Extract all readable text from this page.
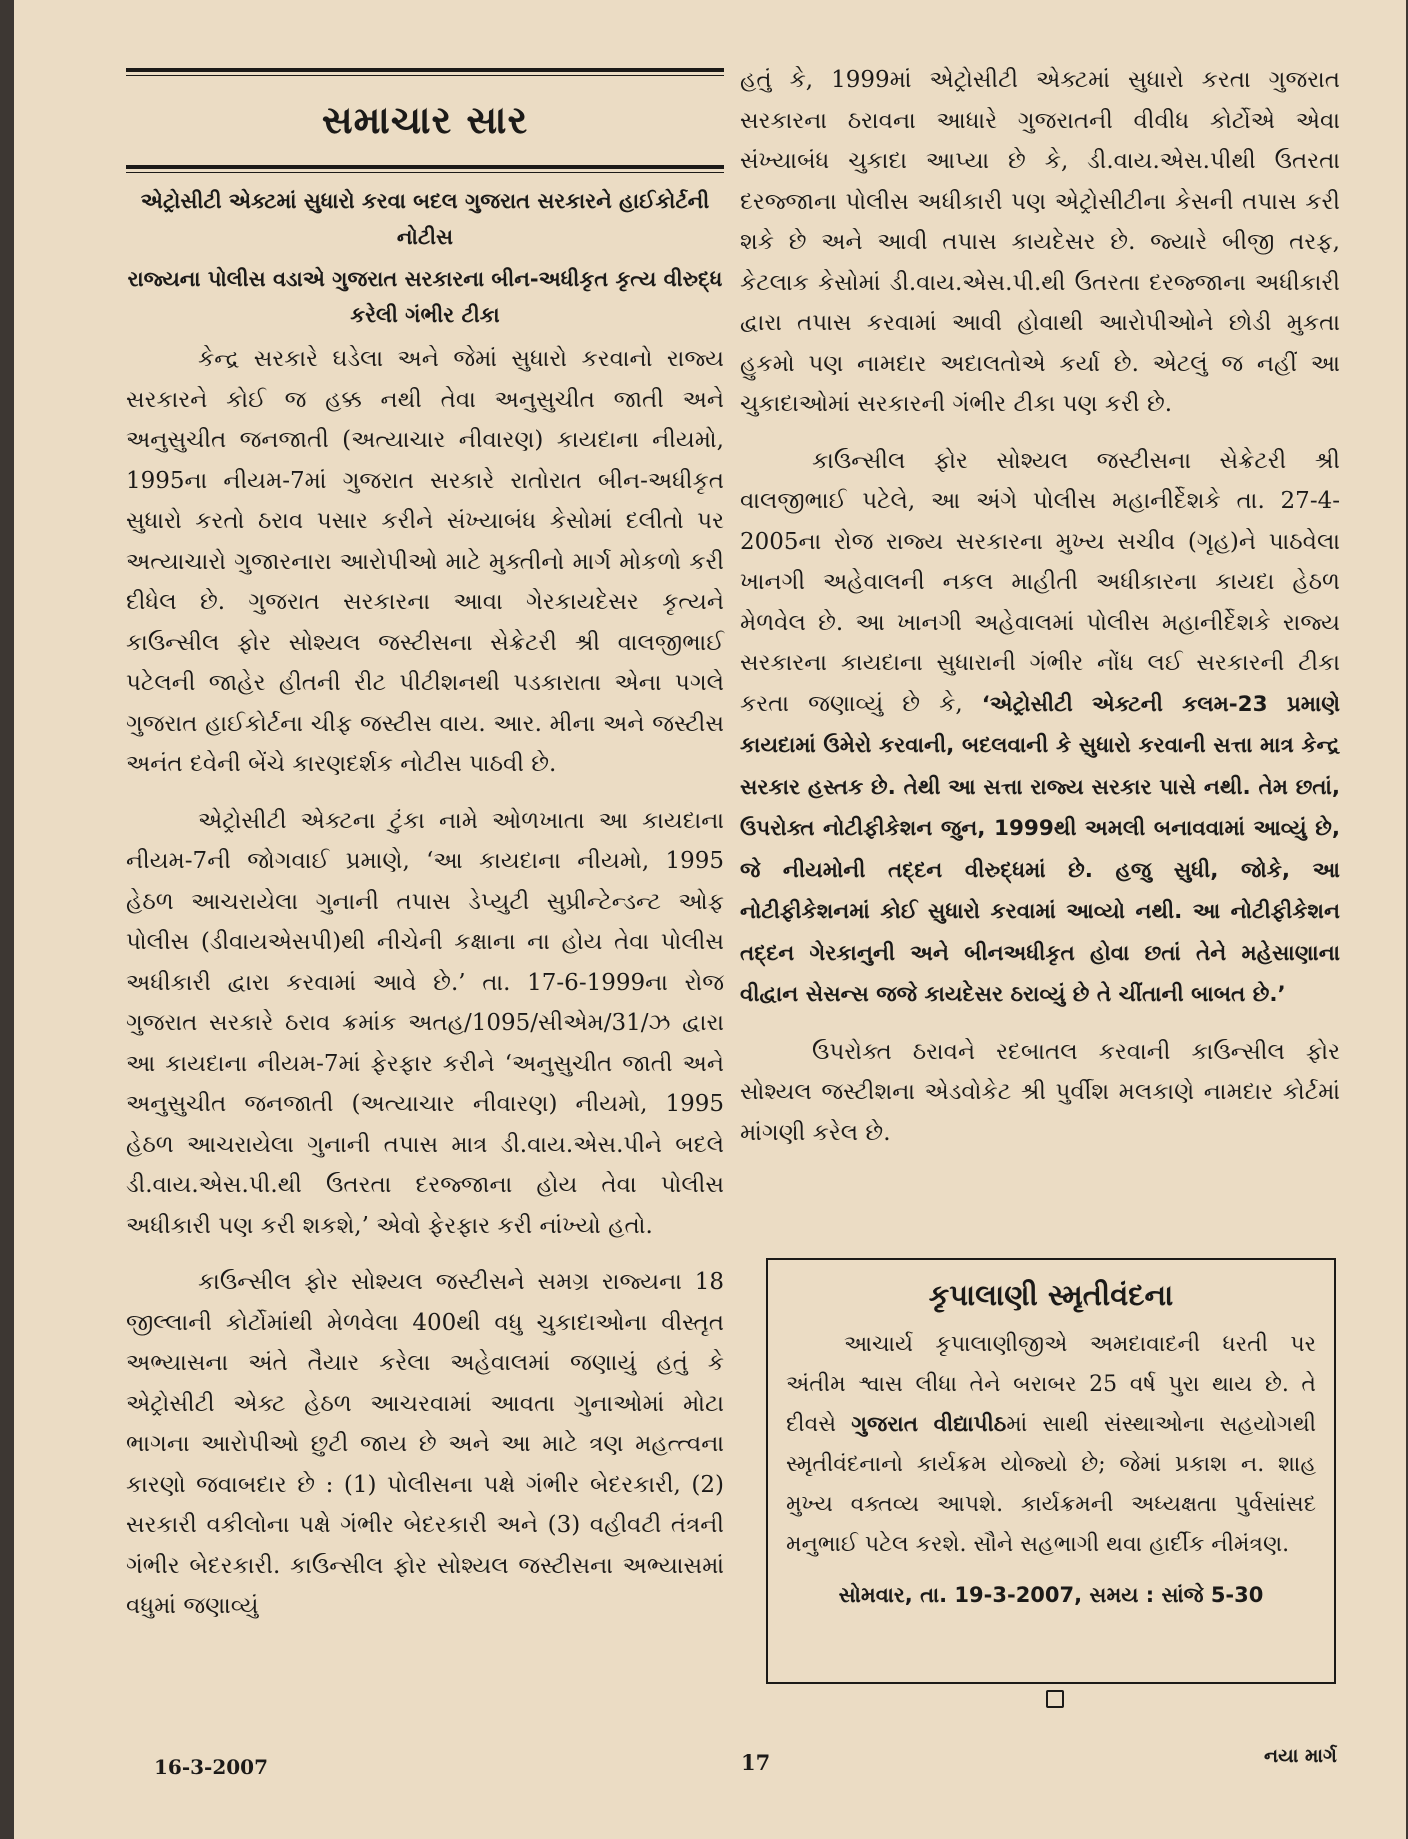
સમાચાર સાર

એટ્રોસીટી એક્ટમાં સુધારો કરવા બદલ ગુજરાત સરકારને હાઈકોર્ટની નોટીસ

રાજ્યના પોલીસ વડાએ ગુજરાત સરકારના બીન-અધીકૃત કૃત્ય વીરુદ્ધ કરેલી ગંભીર ટીકા

કેન્દ્ર સરકારે ઘડેલા અને જેમાં સુધારો કરવાનો રાજ્ય સરકારને કોઈ જ હક્ક નથી તેવા અનુસુચીત જાતી અને અનુસુચીત જનજાતી (અત્યાચાર નીવારણ) કાયદાના નીયમો, 1995ના નીયમ-7માં ગુજરાત સરકારે રાતોરાત બીન-અધીકૃત સુધારો કરતો ઠરાવ પસાર કરીને સંખ્યાબંધ કેસોમાં દલીતો પર અત્યાચારો ગુજારનારા આરોપીઓ માટે મુક્તીનો માર્ગ મોકળો કરી દીધેલ છે. ગુજરાત સરકારના આવા ગેરકાયદેસર કૃત્યને કાઉન્સીલ ફોર સોશ્યલ જસ્ટીસના સેક્રેટરી શ્રી વાલજીભાઈ પટેલની જાહેર હીતની રીટ પીટીશનથી પડકારાતા એના પગલે ગુજરાત હાઈકોર્ટના ચીફ જસ્ટીસ વાય. આર. મીના અને જસ્ટીસ અનંત દવેની બેંચે કારણદર્શક નોટીસ પાઠવી છે.

એટ્રોસીટી એક્ટના ટુંકા નામે ઓળખાતા આ કાયદાના નીયમ-7ની જોગવાઈ પ્રમાણે, ‘આ કાયદાના નીયમો, 1995 હેઠળ આચરાયેલા ગુનાની તપાસ ડેપ્યુટી સુપ્રીન્ટેન્ડન્ટ ઓફ પોલીસ (ડીવાયએસપી)થી નીચેની કક્ષાના ના હોય તેવા પોલીસ અધીકારી દ્વારા કરવામાં આવે છે.’ તા. 17-6-1999ના રોજ ગુજરાત સરકારે ઠરાવ ક્રમાંક અતહ/1095/સીએમ/31/ઝ દ્વારા આ કાયદાના નીયમ-7માં ફેરફાર કરીને ‘અનુસુચીત જાતી અને અનુસુચીત જનજાતી (અત્યાચાર નીવારણ) નીયમો, 1995 હેઠળ આચરાયેલા ગુનાની તપાસ માત્ર ડી.વાય.એસ.પીને બદલે ડી.વાય.એસ.પી.થી ઉતરતા દરજ્જાના હોય તેવા પોલીસ અધીકારી પણ કરી શકશે,’ એવો ફેરફાર કરી નાંખ્યો હતો.

કાઉન્સીલ ફોર સોશ્યલ જસ્ટીસને સમગ્ર રાજ્યના 18 જીલ્લાની કોર્ટોમાંથી મેળવેલા 400થી વધુ ચુકાદાઓના વીસ્તૃત અભ્યાસના અંતે તૈયાર કરેલા અહેવાલમાં જણાયું હતું કે એટ્રોસીટી એક્ટ હેઠળ આચરવામાં આવતા ગુનાઓમાં મોટા ભાગના આરોપીઓ છુટી જાય છે અને આ માટે ત્રણ મહત્ત્વના કારણો જવાબદાર છે : (1) પોલીસના પક્ષે ગંભીર બેદરકારી, (2) સરકારી વકીલોના પક્ષે ગંભીર બેદરકારી અને (3) વહીવટી તંત્રની ગંભીર બેદરકારી. કાઉન્સીલ ફોર સોશ્યલ જસ્ટીસના અભ્યાસમાં વધુમાં જણાવ્યું

હતું કે, 1999માં એટ્રોસીટી એક્ટમાં સુધારો કરતા ગુજરાત સરકારના ઠરાવના આધારે ગુજરાતની વીવીધ કોર્ટોએ એવા સંખ્યાબંધ ચુકાદા આપ્યા છે કે, ડી.વાય.એસ.પીથી ઉતરતા દરજ્જાના પોલીસ અધીકારી પણ એટ્રોસીટીના કેસની તપાસ કરી શકે છે અને આવી તપાસ કાયદેસર છે. જ્યારે બીજી તરફ, કેટલાક કેસોમાં ડી.વાય.એસ.પી.થી ઉતરતા દરજ્જાના અધીકારી દ્વારા તપાસ કરવામાં આવી હોવાથી આરોપીઓને છોડી મુકતા હુકમો પણ નામદાર અદાલતોએ કર્યા છે. એટલું જ નહીં આ ચુકાદાઓમાં સરકારની ગંભીર ટીકા પણ કરી છે.

કાઉન્સીલ ફોર સોશ્યલ જસ્ટીસના સેક્રેટરી શ્રી વાલજીભાઈ પટેલે, આ અંગે પોલીસ મહાનીર્દેશકે તા. 27-4-2005ના રોજ રાજ્ય સરકારના મુખ્ય સચીવ (ગૃહ)ને પાઠવેલા ખાનગી અહેવાલની નકલ માહીતી અધીકારના કાયદા હેઠળ મેળવેલ છે. આ ખાનગી અહેવાલમાં પોલીસ મહાનીર્દેશકે રાજ્ય સરકારના કાયદાના સુધારાની ગંભીર નોંધ લઈ સરકારની ટીકા કરતા જણાવ્યું છે કે, ‘એટ્રોસીટી એક્ટની કલમ-23 પ્રમાણે કાયદામાં ઉમેરો કરવાની, બદલવાની કે સુધારો કરવાની સત્તા માત્ર કેન્દ્ર સરકાર હસ્તક છે. તેથી આ સત્તા રાજ્ય સરકાર પાસે નથી. તેમ છતાં, ઉપરોક્ત નોટીફીકેશન જુન, 1999થી અમલી બનાવવામાં આવ્યું છે, જે નીયમોની તદ્દન વીરુદ્ધમાં છે. હજુ સુધી, જોકે, આ નોટીફીકેશનમાં કોઈ સુધારો કરવામાં આવ્યો નથી. આ નોટીફીકેશન તદ્દન ગેરકાનુની અને બીનઅધીકૃત હોવા છતાં તેને મહેસાણાના વીદ્વાન સેસન્સ જજે કાયદેસર ઠરાવ્યું છે તે ચીંતાની બાબત છે.’

ઉપરોક્ત ઠરાવને રદબાતલ કરવાની કાઉન્સીલ ફોર સોશ્યલ જસ્ટીશના એડવોકેટ શ્રી પુર્વીશ મલકાણે નામદાર કોર્ટમાં માંગણી કરેલ છે.

કૃપાલાણી સ્મૃતીવંદના

આચાર્ય કૃપાલાણીજીએ અમદાવાદની ધરતી પર અંતીમ શ્વાસ લીધા તેને બરાબર 25 વર્ષ પુરા થાય છે. તે દીવસે ગુજરાત વીદ્યાપીઠમાં સાથી સંસ્થાઓના સહયોગથી સ્મૃતીવંદનાનો કાર્યક્રમ યોજ્યો છે; જેમાં પ્રકાશ ન. શાહ મુખ્ય વક્તવ્ય આપશે. કાર્યક્રમની અધ્યક્ષતા પુર્વસાંસદ મનુભાઈ પટેલ કરશે. સૌને સહભાગી થવા હાર્દીક નીમંત્રણ.

સોમવાર, તા. 19-3-2007, સમય : સાંજે 5-30
16-3-2007	17	નયા માર્ગ
